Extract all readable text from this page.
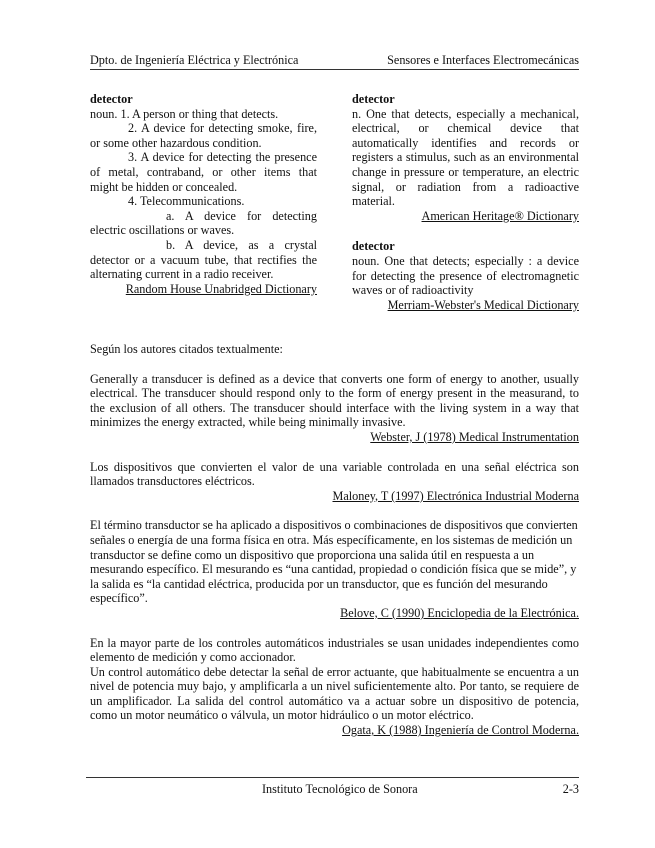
Dpto. de Ingeniería Eléctrica y Electrónica	Sensores e Interfaces Electromecánicas
detector
noun. 1. A person or thing that detects.
2. A device for detecting smoke, fire, or some other hazardous condition.
3. A device for detecting the presence of metal, contraband, or other items that might be hidden or concealed.
4. Telecommunications.
a. A device for detecting electric oscillations or waves.
b. A device, as a crystal detector or a vacuum tube, that rectifies the alternating current in a radio receiver.
Random House Unabridged Dictionary
detector
n. One that detects, especially a mechanical, electrical, or chemical device that automatically identifies and records or registers a stimulus, such as an environmental change in pressure or temperature, an electric signal, or radiation from a radioactive material.
American Heritage® Dictionary
detector
noun. One that detects; especially : a device for detecting the presence of electromagnetic waves or of radioactivity
Merriam-Webster's Medical Dictionary

Según los autores citados textualmente:

Generally a transducer is defined as a device that converts one form of energy to another, usually electrical. The transducer should respond only to the form of energy present in the measurand, to the exclusion of all others. The transducer should interface with the living system in a way that minimizes the energy extracted, while being minimally invasive.

Webster, J (1978) Medical Instrumentation

Los dispositivos que convierten el valor de una variable controlada en una señal eléctrica son llamados transductores eléctricos.

Maloney, T (1997) Electrónica Industrial Moderna

El término transductor se ha aplicado a dispositivos o combinaciones de dispositivos que convierten señales o energía de una forma física en otra. Más específicamente, en los sistemas de medición un transductor se define como un dispositivo que proporciona una salida útil en respuesta a un mesurando específico. El mesurando es “una cantidad, propiedad o condición física que se mide”, y la salida es “la cantidad eléctrica, producida por un transductor, que es función del mesurando específico”.

Belove, C (1990) Enciclopedia de la Electrónica.

En la mayor parte de los controles automáticos industriales se usan unidades independientes como elemento de medición y como accionador.

Un control automático debe detectar la señal de error actuante, que habitualmente se encuentra a un nivel de potencia muy bajo, y amplificarla a un nivel suficientemente alto. Por tanto, se requiere de un amplificador. La salida del control automático va a actuar sobre un dispositivo de potencia, como un motor neumático o válvula, un motor hidráulico o un motor eléctrico.

Ogata, K (1988) Ingeniería de Control Moderna.

Instituto Tecnológico de Sonora	2-3
